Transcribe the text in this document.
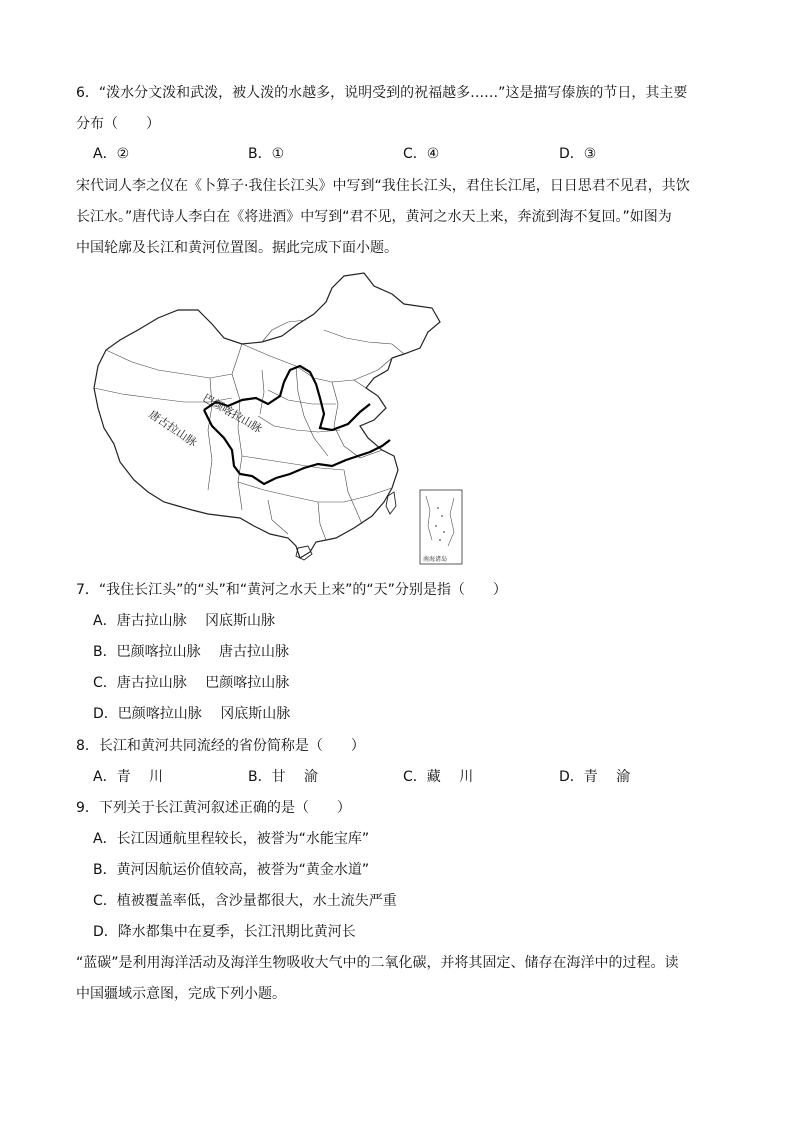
6．“泼水分文泼和武泼，被人泼的水越多，说明受到的祝福越多……”这是描写傣族的节日，其主要
分布（　　）
A．②	B．①	C．④	D．③
宋代词人李之仪在《卜算子·我住长江头》中写到“我住长江头，君住长江尾，日日思君不见君，共饮
长江水。”唐代诗人李白在《将进酒》中写到“君不见，黄河之水天上来，奔流到海不复回。”如图为
中国轮廓及长江和黄河位置图。据此完成下面小题。
巴颜喀拉山脉
唐古拉山脉
南海诸岛
7．“我住长江头”的“头”和“黄河之水天上来”的“天”分别是指（　　）
A．唐古拉山脉　 冈底斯山脉
B．巴颜喀拉山脉　 唐古拉山脉
C．唐古拉山脉　 巴颜喀拉山脉
D．巴颜喀拉山脉　 冈底斯山脉
8．长江和黄河共同流经的省份简称是（　　）
A．青　 川	B．甘　 渝	C．藏　 川	D．青　 渝
9．下列关于长江黄河叙述正确的是（　　）
A．长江因通航里程较长，被誉为“水能宝库”
B．黄河因航运价值较高，被誉为“黄金水道”
C．植被覆盖率低，含沙量都很大，水土流失严重
D．降水都集中在夏季，长江汛期比黄河长
“蓝碳”是利用海洋活动及海洋生物吸收大气中的二氧化碳，并将其固定、储存在海洋中的过程。读
中国疆域示意图，完成下列小题。
